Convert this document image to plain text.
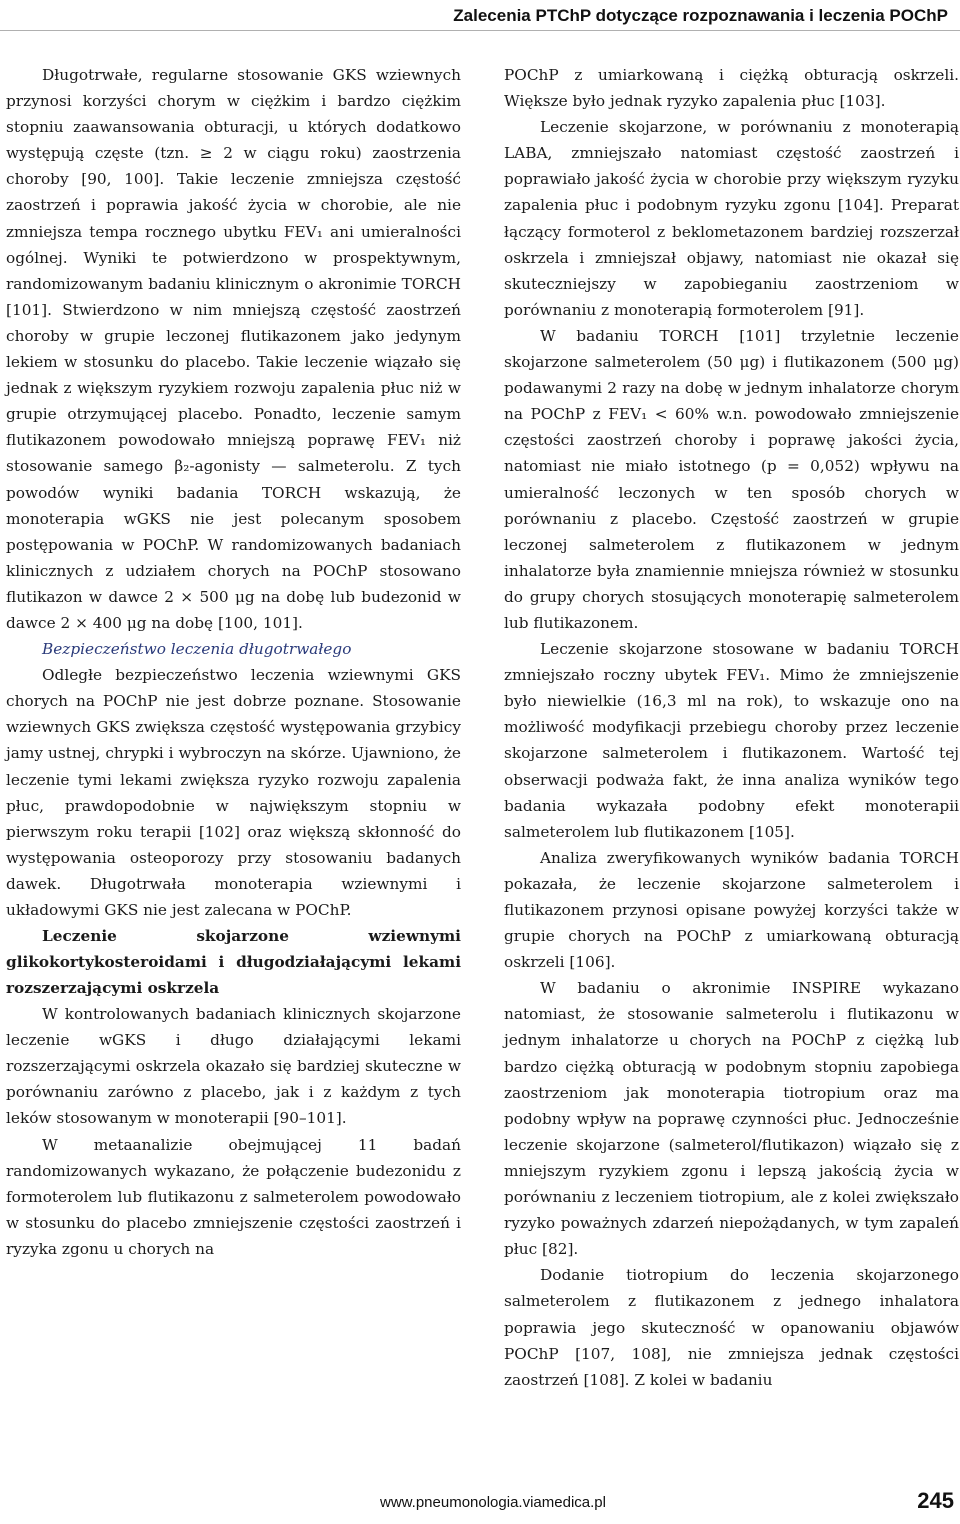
Zalecenia PTChP dotyczące rozpoznawania i leczenia POChP

Długotrwałe, regularne stosowanie GKS wziewnych przynosi korzyści chorym w ciężkim i bardzo ciężkim stopniu zaawansowania obturacji, u których dodatkowo występują częste (tzn. ≥ 2 w ciągu roku) zaostrzenia choroby [90, 100]. Takie leczenie zmniejsza częstość zaostrzeń i poprawia jakość życia w chorobie, ale nie zmniejsza tempa rocznego ubytku FEV₁ ani umieralności ogólnej. Wyniki te potwierdzono w prospektywnym, randomizowanym badaniu klinicznym o akronimie TORCH [101]. Stwierdzono w nim mniejszą częstość zaostrzeń choroby w grupie leczonej flutikazonem jako jedynym lekiem w stosunku do placebo. Takie leczenie wiązało się jednak z większym ryzykiem rozwoju zapalenia płuc niż w grupie otrzymującej placebo. Ponadto, leczenie samym flutikazonem powodowało mniejszą poprawę FEV₁ niż stosowanie samego β₂-agonisty — salmeterolu. Z tych powodów wyniki badania TORCH wskazują, że monoterapia wGKS nie jest polecanym sposobem postępowania w POChP. W randomizowanych badaniach klinicznych z udziałem chorych na POChP stosowano flutikazon w dawce 2 × 500 μg na dobę lub budezonid w dawce 2 × 400 μg na dobę [100, 101].

Bezpieczeństwo leczenia długotrwałego

Odległe bezpieczeństwo leczenia wziewnymi GKS chorych na POChP nie jest dobrze poznane. Stosowanie wziewnych GKS zwiększa częstość występowania grzybicy jamy ustnej, chrypki i wybroczyn na skórze. Ujawniono, że leczenie tymi lekami zwiększa ryzyko rozwoju zapalenia płuc, prawdopodobnie w największym stopniu w pierwszym roku terapii [102] oraz większą skłonność do występowania osteoporozy przy stosowaniu badanych dawek. Długotrwała monoterapia wziewnymi i układowymi GKS nie jest zalecana w POChP.

Leczenie skojarzone wziewnymi glikokortykosteroidami i długodziałającymi lekami rozszerzającymi oskrzela

W kontrolowanych badaniach klinicznych skojarzone leczenie wGKS i długo działającymi lekami rozszerzającymi oskrzela okazało się bardziej skuteczne w porównaniu zarówno z placebo, jak i z każdym z tych leków stosowanym w monoterapii [90–101].

W metaanalizie obejmującej 11 badań randomizowanych wykazano, że połączenie budezonidu z formoterolem lub flutikazonu z salmeterolem powodowało w stosunku do placebo zmniejszenie częstości zaostrzeń i ryzyka zgonu u chorych na

POChP z umiarkowaną i ciężką obturacją oskrzeli. Większe było jednak ryzyko zapalenia płuc [103].

Leczenie skojarzone, w porównaniu z monoterapią LABA, zmniejszało natomiast częstość zaostrzeń i poprawiało jakość życia w chorobie przy większym ryzyku zapalenia płuc i podobnym ryzyku zgonu [104]. Preparat łączący formoterol z beklometazonem bardziej rozszerzał oskrzela i zmniejszał objawy, natomiast nie okazał się skuteczniejszy w zapobieganiu zaostrzeniom w porównaniu z monoterapią formoterolem [91].

W badaniu TORCH [101] trzyletnie leczenie skojarzone salmeterolem (50 μg) i flutikazonem (500 μg) podawanymi 2 razy na dobę w jednym inhalatorze chorym na POChP z FEV₁ < 60% w.n. powodowało zmniejszenie częstości zaostrzeń choroby i poprawę jakości życia, natomiast nie miało istotnego (p = 0,052) wpływu na umieralność leczonych w ten sposób chorych w porównaniu z placebo. Częstość zaostrzeń w grupie leczonej salmeterolem z flutikazonem w jednym inhalatorze była znamiennie mniejsza również w stosunku do grupy chorych stosujących monoterapię salmeterolem lub flutikazonem.

Leczenie skojarzone stosowane w badaniu TORCH zmniejszało roczny ubytek FEV₁. Mimo że zmniejszenie było niewielkie (16,3 ml na rok), to wskazuje ono na możliwość modyfikacji przebiegu choroby przez leczenie skojarzone salmeterolem i flutikazonem. Wartość tej obserwacji podważa fakt, że inna analiza wyników tego badania wykazała podobny efekt monoterapii salmeterolem lub flutikazonem [105].

Analiza zweryfikowanych wyników badania TORCH pokazała, że leczenie skojarzone salmeterolem i flutikazonem przynosi opisane powyżej korzyści także w grupie chorych na POChP z umiarkowaną obturacją oskrzeli [106].

W badaniu o akronimie INSPIRE wykazano natomiast, że stosowanie salmeterolu i flutikazonu w jednym inhalatorze u chorych na POChP z ciężką lub bardzo ciężką obturacją w podobnym stopniu zapobiega zaostrzeniom jak monoterapia tiotropium oraz ma podobny wpływ na poprawę czynności płuc. Jednocześnie leczenie skojarzone (salmeterol/flutikazon) wiązało się z mniejszym ryzykiem zgonu i lepszą jakością życia w porównaniu z leczeniem tiotropium, ale z kolei zwiększało ryzyko poważnych zdarzeń niepożądanych, w tym zapaleń płuc [82].

Dodanie tiotropium do leczenia skojarzonego salmeterolem z flutikazonem z jednego inhalatora poprawia jego skuteczność w opanowaniu objawów POChP [107, 108], nie zmniejsza jednak częstości zaostrzeń [108]. Z kolei w badaniu

www.pneumonologia.viamedica.pl	245
